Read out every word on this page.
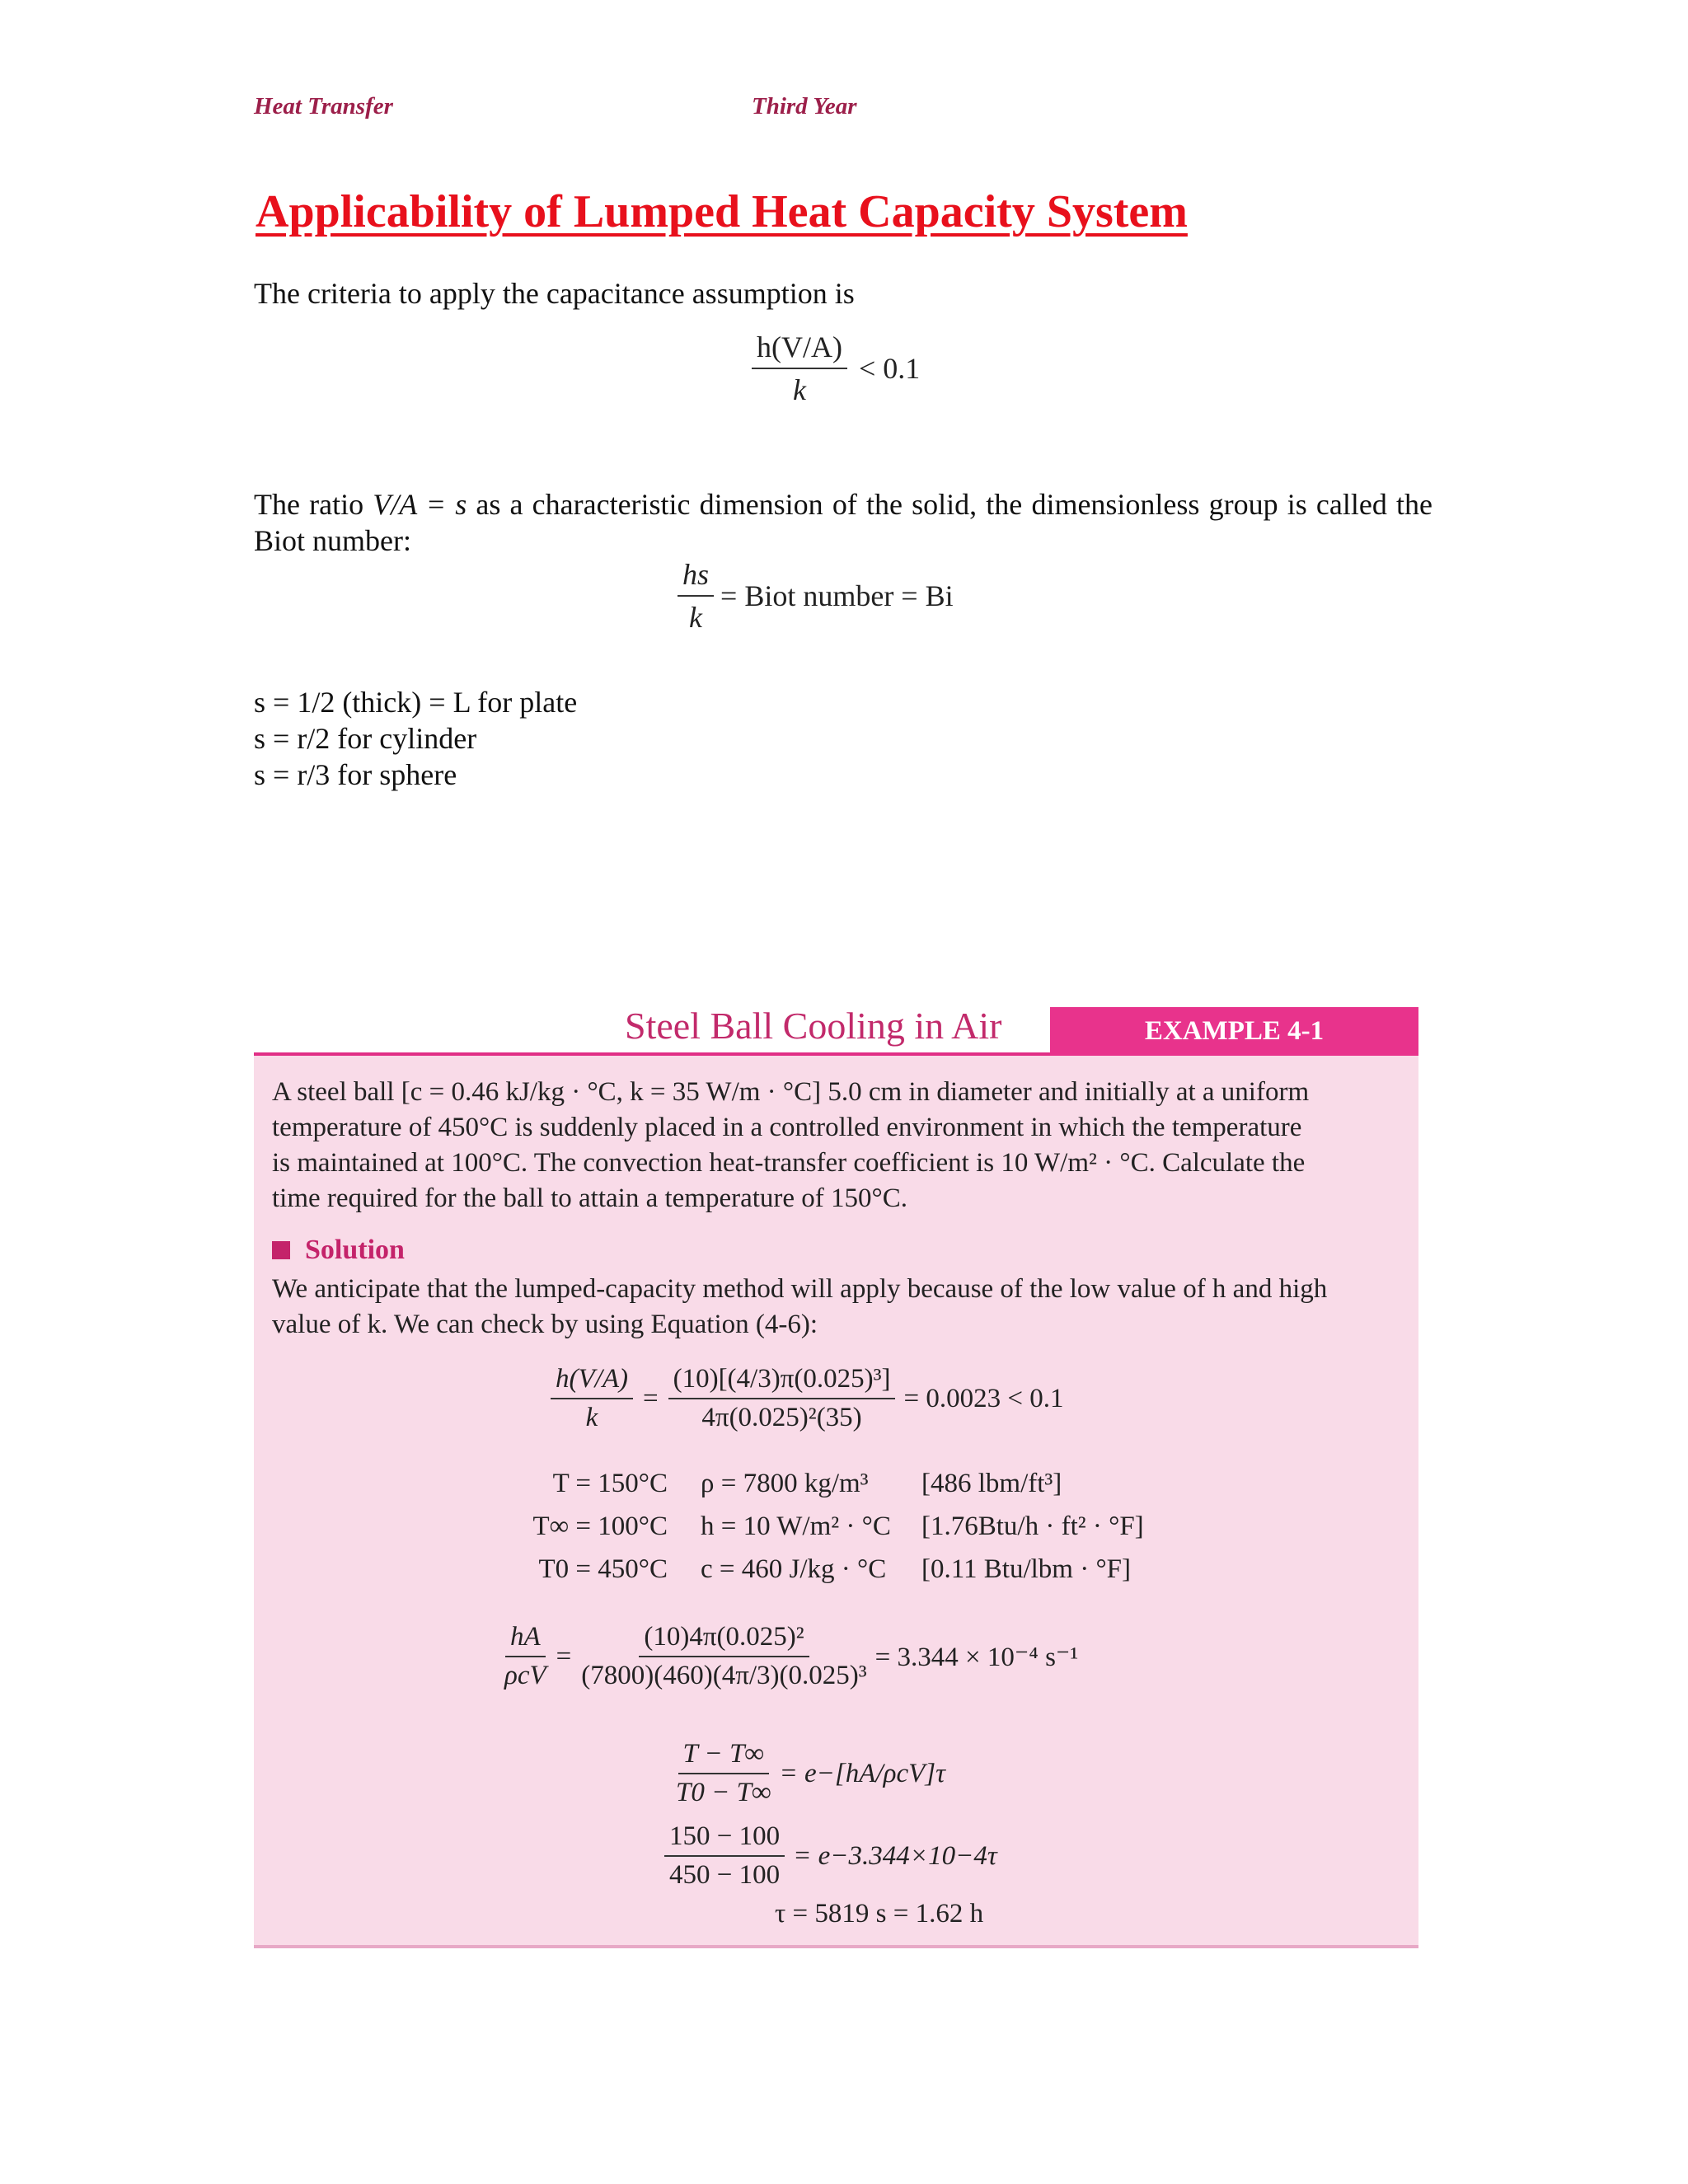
Heat Transfer	Third Year
Applicability of Lumped Heat Capacity System
The criteria to apply the capacitance assumption is
$\frac{h(V/A)}{k} < 0.1$
The ratio V/A = s as a characteristic dimension of the solid, the dimensionless group is called the Biot number:
$\frac{hs}{k}$ = Biot number = Bi
s = 1/2 (thick) = L for plate
s = r/2 for cylinder
s = r/3 for sphere
Steel Ball Cooling in Air	EXAMPLE 4-1
A steel ball [c = 0.46 kJ/kg · °C, k = 35 W/m · °C] 5.0 cm in diameter and initially at a uniform
temperature of 450°C is suddenly placed in a controlled environment in which the temperature
is maintained at 100°C. The convection heat-transfer coefficient is 10 W/m² · °C. Calculate the
time required for the ball to attain a temperature of 150°C.
Solution
We anticipate that the lumped-capacity method will apply because of the low value of h and high
value of k. We can check by using Equation (4-6):
$\frac{h(V/A)}{k} = \frac{\text{(10)[(4/3)π(0.025)³]}}{\text{4π(0.025)²(35)}} = 0.0023 < 0.1$
T = 150°C ρ = 7800 kg/m³	[486 lbm/ft³]
T∞ = 100°C h = 10 W/m² · °C	[1.76Btu/h · ft² · °F]
T0 = 450°C c = 460 J/kg · °C	[0.11 Btu/lbm · °F]
$\frac{hA}{\text{ρcV}} = \frac{\text{(10)4π(0.025)²}}{\text{(7800)(460)(4π/3)(0.025)³}} = 3.344 \times 10^{-4}$ s⁻¹
$\frac{T - T\infty}{T0 - T\infty} = e-[hA/\rho cV]\tau$
$\frac{150 - 100}{450 - 100} = e-3.344\times 10-4\tau$
τ = 5819 s = 1.62 h
